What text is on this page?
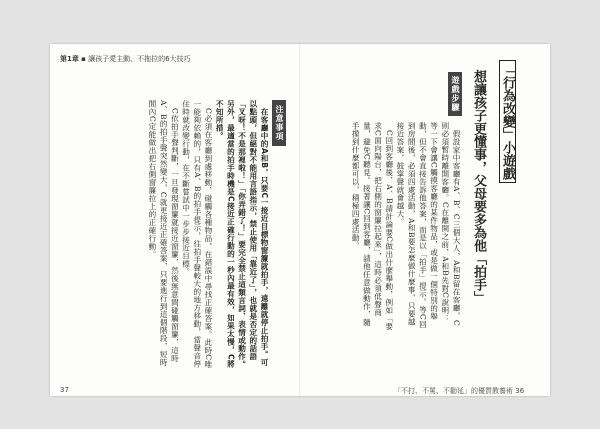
第1章 ▪ 讓孩子愛主動、不拖拉的6大技巧
「行為改變」小遊戲
想讓孩子更懂事，父母要多為他「拍手」
遊戲步驟

假設家中客廳有A、B、C三個大人，A和B留在客廳，C則必須暫時離開客廳。C在離開之前，A和B先對C說明：等一下會讓C觸摸客廳的某件物品，或是做一個特別的舉動，但不會直接告訴他答案，而是以「拍手」提示。等C回到房間後，必須四處活動，A和B要怎麼做什麼事，只要越接近答案，鼓掌聲就會越大。

C回到客廳後，A、B請計論要C做出什麼舉動，例如「要求C面向陽台，把右側的窗簾拉起來」，這時必須低聲商量，避免C聽見。接著讓C回到客廳，請他任意做動作，隨手摸到什麼都可以，積極四處活動。

注意事項

在客廳中的A和B，只要C一接近目標物窗簾就拍手，遠離就停止拍手。可以點頭，但絕對不能用言語指示，禁止使用「靠近了」，也就是否定的話語「叉呀！不是那裡啦！」「你弄錯了！」要完全禁止這類言詞、表情或動作。另外，最適當的拍手時機是C接近正確行動的一秒內最有效，如果太慢，C將不知所措。

C必須在客廳到處移動，碰觸各種物品，在錯誤中尋找正確答案。此時C唯一能夠依賴的，只有A、B的拍手提示，往拍手聲較大的地方移動，當聲音停住時就改變行動，在不斷嘗試中一步步接近目標。

C依拍手聲判斷，一旦發現窗簾就接近窗簾，然後無意間碰觸窗簾，這時A、B的拍手聲突然變大，C就更接近正確答案，只要進行到這個階段，短時間內C定能做出把右側窗簾拉上的正確行動。

37	「不打、不罵、不勸延」的優質教養術 36
